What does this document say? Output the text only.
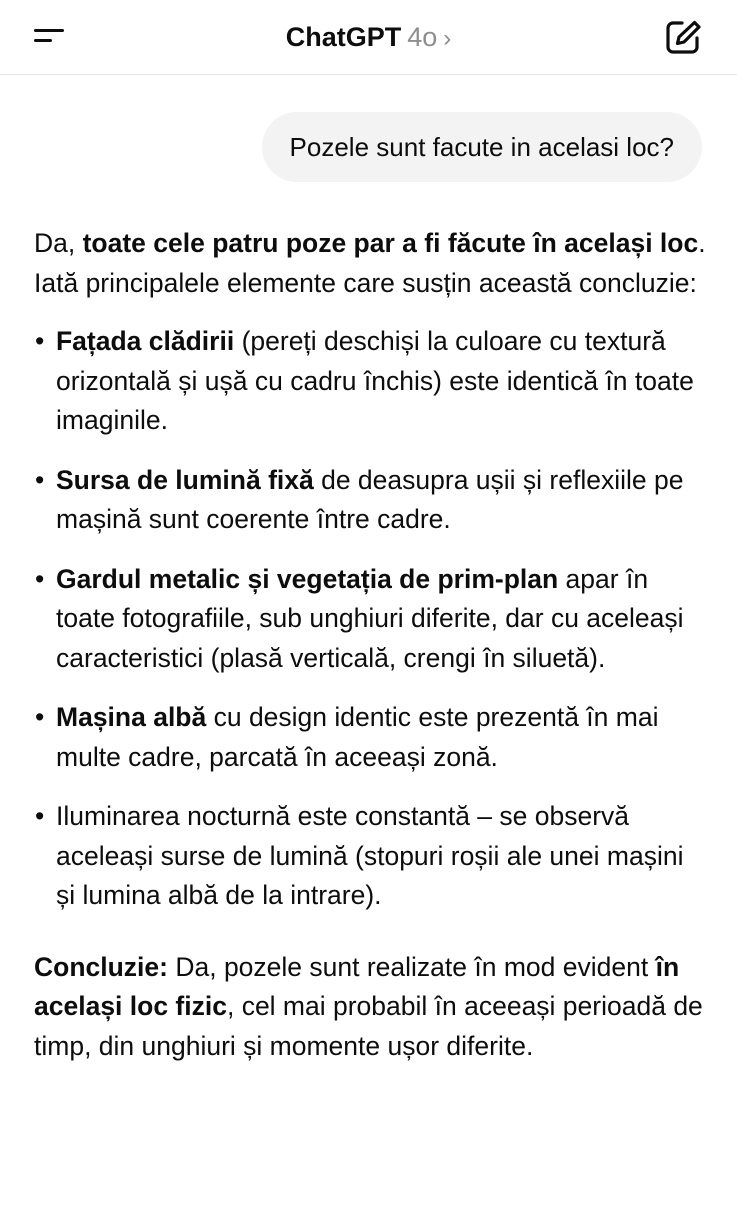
ChatGPT 4o ›
Pozele sunt facute in acelasi loc?

Da, toate cele patru poze par a fi făcute în același loc. Iată principalele elemente care susțin această concluzie:

• Fațada clădirii (pereți deschiși la culoare cu textură orizontală și ușă cu cadru închis) este identică în toate imaginile.
• Sursa de lumină fixă de deasupra ușii și reflexiile pe mașină sunt coerente între cadre.
• Gardul metalic și vegetația de prim-plan apar în toate fotografiile, sub unghiuri diferite, dar cu aceleași caracteristici (plasă verticală, crengi în siluetă).
• Mașina albă cu design identic este prezentă în mai multe cadre, parcată în aceeași zonă.
• Iluminarea nocturnă este constantă – se observă aceleași surse de lumină (stopuri roșii ale unei mașini și lumina albă de la intrare).

Concluzie: Da, pozele sunt realizate în mod evident în același loc fizic, cel mai probabil în aceeași perioadă de timp, din unghiuri și momente ușor diferite.
